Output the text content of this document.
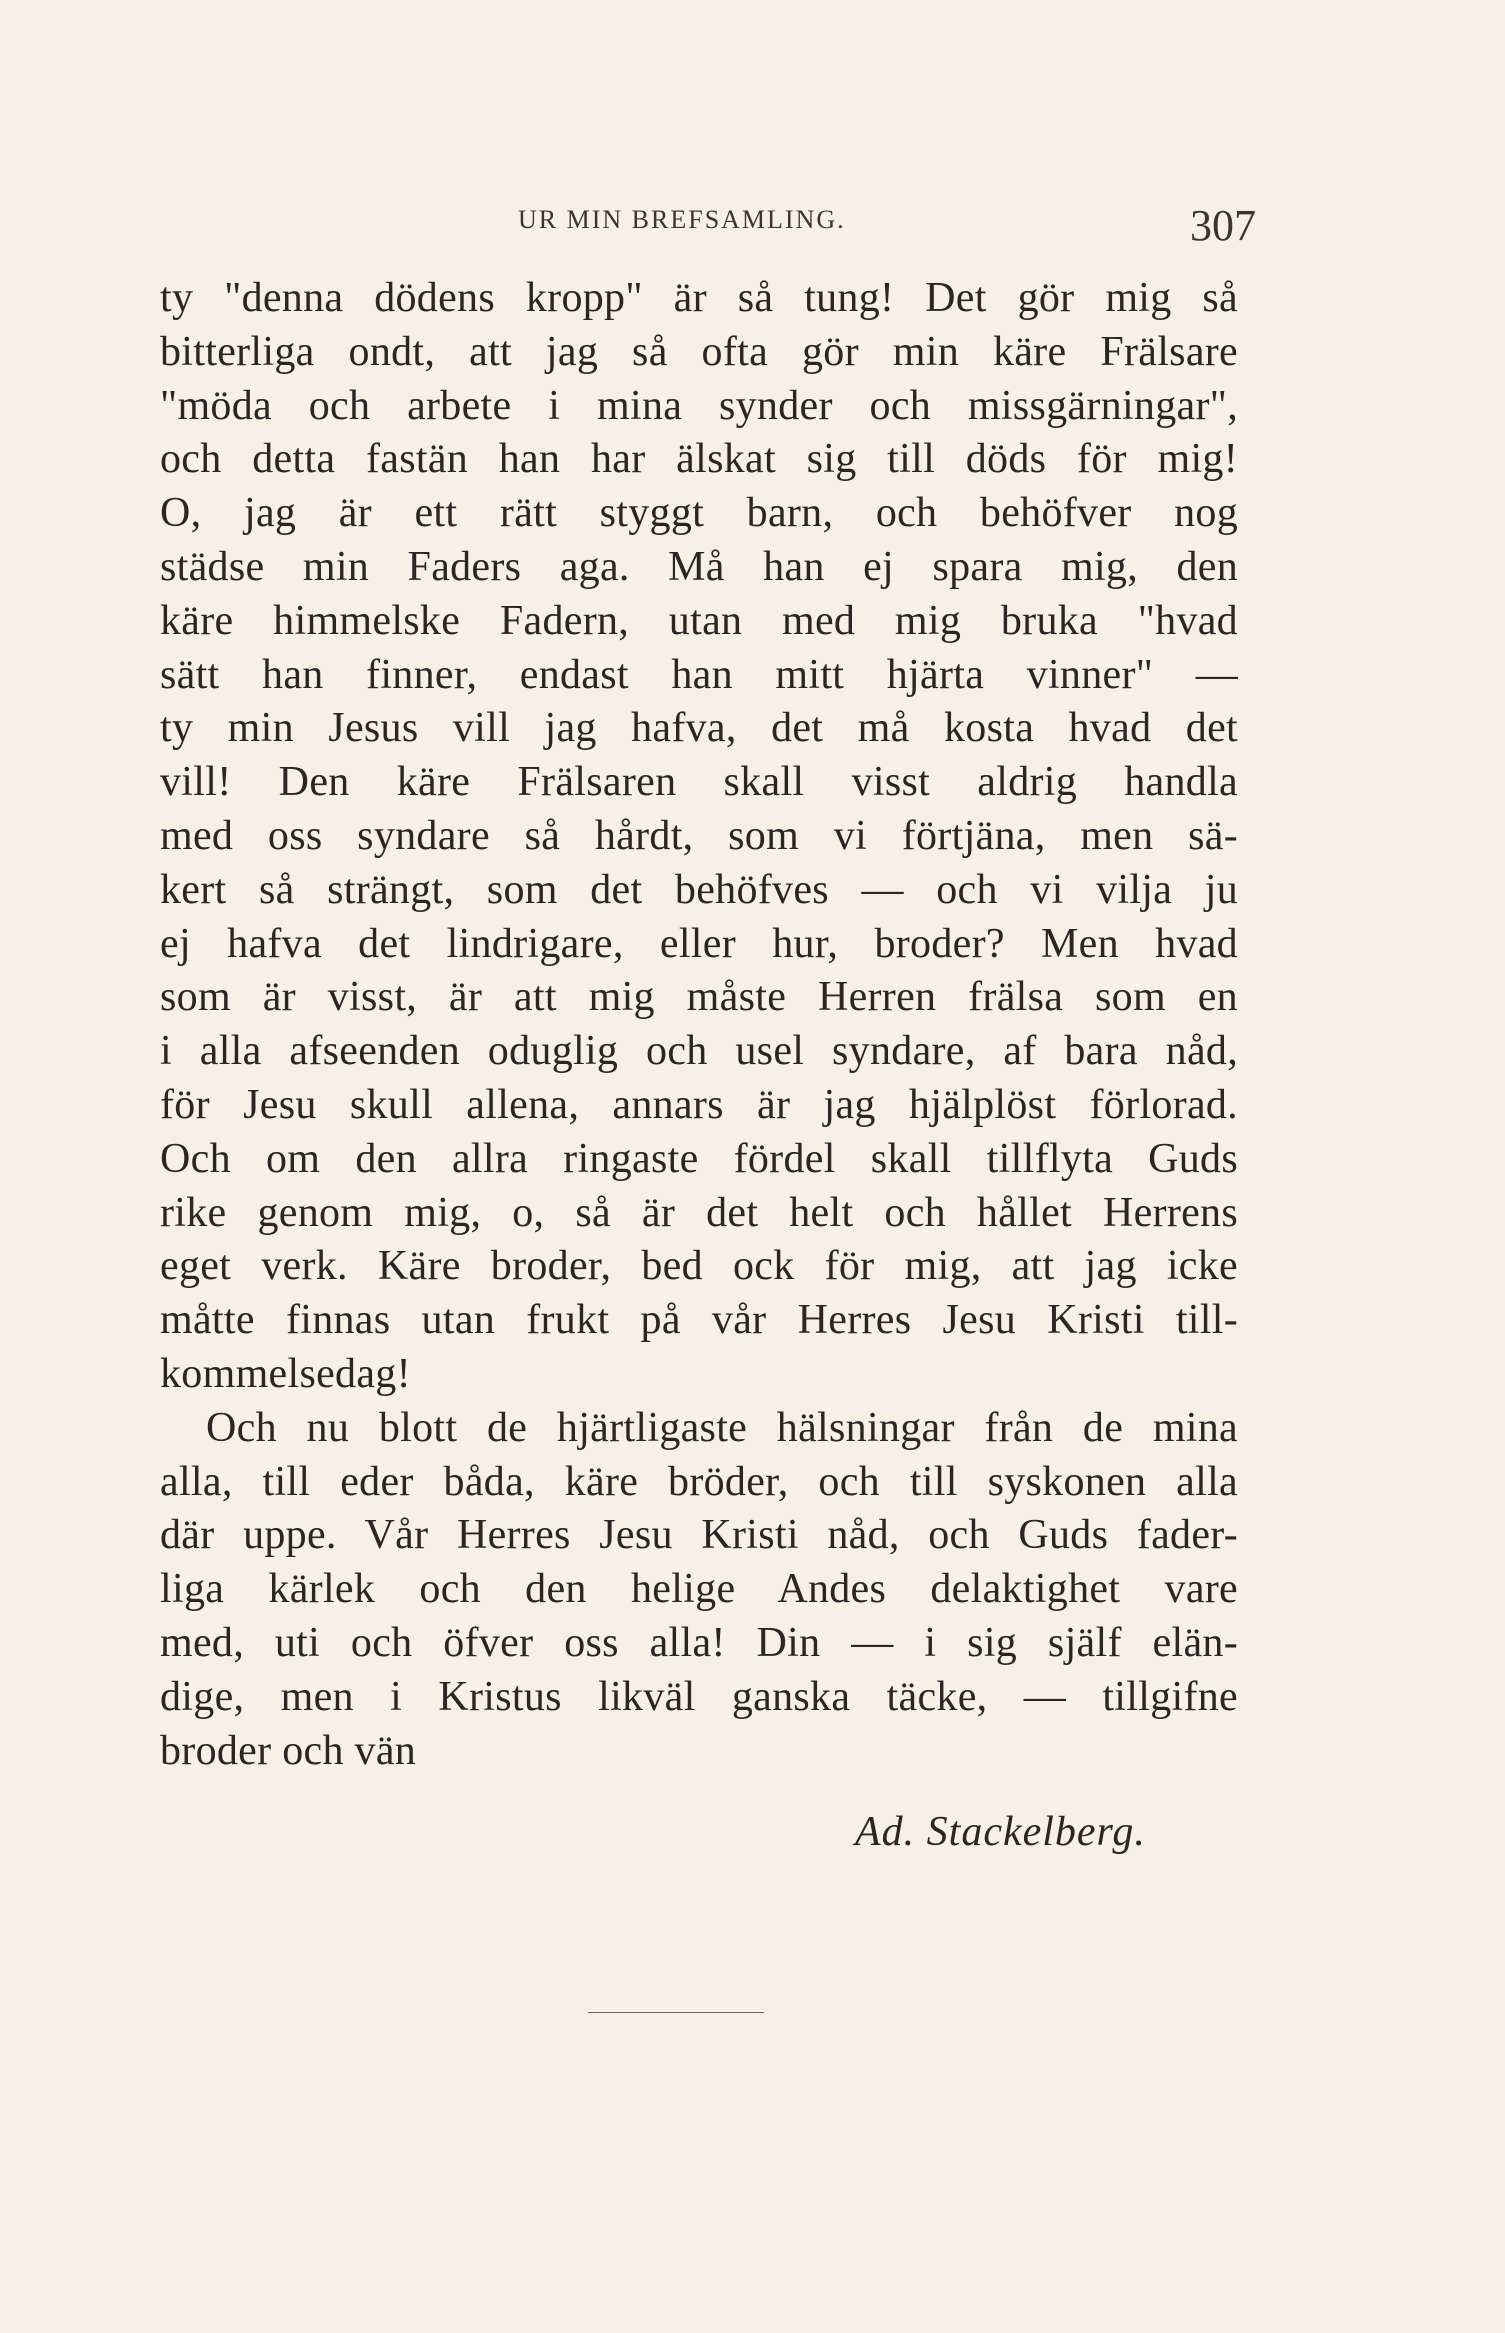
UR MIN BREFSAMLING.	307
ty "denna dödens kropp" är så tung! Det gör mig så
bitterliga ondt, att jag så ofta gör min käre Frälsare
"möda och arbete i mina synder och missgärningar",
och detta fastän han har älskat sig till döds för mig!
O, jag är ett rätt styggt barn, och behöfver nog
städse min Faders aga. Må han ej spara mig, den
käre himmelske Fadern, utan med mig bruka "hvad
sätt han finner, endast han mitt hjärta vinner" —
ty min Jesus vill jag hafva, det må kosta hvad det
vill! Den käre Frälsaren skall visst aldrig handla
med oss syndare så hårdt, som vi förtjäna, men sä-
kert så strängt, som det behöfves — och vi vilja ju
ej hafva det lindrigare, eller hur, broder? Men hvad
som är visst, är att mig måste Herren frälsa som en
i alla afseenden oduglig och usel syndare, af bara nåd,
för Jesu skull allena, annars är jag hjälplöst förlorad.
Och om den allra ringaste fördel skall tillflyta Guds
rike genom mig, o, så är det helt och hållet Herrens
eget verk. Käre broder, bed ock för mig, att jag icke
måtte finnas utan frukt på vår Herres Jesu Kristi till-
kommelsedag!
Och nu blott de hjärtligaste hälsningar från de mina
alla, till eder båda, käre bröder, och till syskonen alla
där uppe. Vår Herres Jesu Kristi nåd, och Guds fader-
liga kärlek och den helige Andes delaktighet vare
med, uti och öfver oss alla! Din — i sig själf elän-
dige, men i Kristus likväl ganska täcke, — tillgifne
broder och vän
Ad. Stackelberg.
